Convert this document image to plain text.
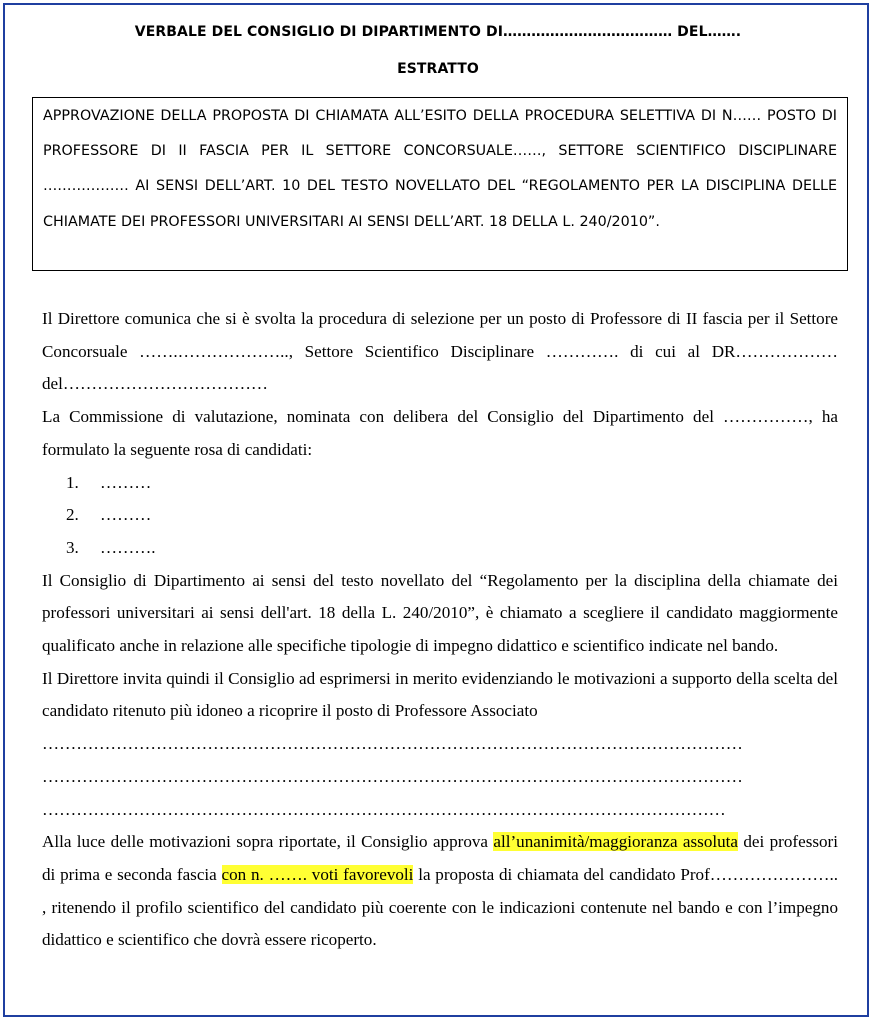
VERBALE DEL CONSIGLIO DI DIPARTIMENTO DI……………………………… DEL…….
ESTRATTO
APPROVAZIONE DELLA PROPOSTA DI CHIAMATA ALL’ESITO DELLA PROCEDURA SELETTIVA DI N…… POSTO DI PROFESSORE DI II FASCIA PER IL SETTORE CONCORSUALE……, SETTORE SCIENTIFICO DISCIPLINARE ……………… AI SENSI DELL’ART. 10 DEL TESTO NOVELLATO DEL “REGOLAMENTO PER LA DISCIPLINA DELLE CHIAMATE DEI PROFESSORI UNIVERSITARI AI SENSI DELL’ART. 18 DELLA L. 240/2010”.

Il Direttore comunica che si è svolta la procedura di selezione per un posto di Professore di II fascia per il Settore Concorsuale …….……………….., Settore Scientifico Disciplinare …………. di cui al DR………………del………………………………

La Commissione di valutazione, nominata con delibera del Consiglio del Dipartimento del ……………, ha formulato la seguente rosa di candidati:

1. ………
2. ………
3. ……….

Il Consiglio di Dipartimento ai sensi del testo novellato del “Regolamento per la disciplina della chiamate dei professori universitari ai sensi dell'art. 18 della L. 240/2010”, è chiamato a scegliere il candidato maggiormente qualificato anche in relazione alle specifiche tipologie di impegno didattico e scientifico indicate nel bando.

Il Direttore invita quindi il Consiglio ad esprimersi in merito evidenziando le motivazioni a supporto della scelta del candidato ritenuto più idoneo a ricoprire il posto di Professore Associato

……………………………………………………………………………………………………………
……………………………………………………………………………………………………………
…………………………………………………………………………………………………………

Alla luce delle motivazioni sopra riportate, il Consiglio approva all’unanimità/maggioranza assoluta dei professori di prima e seconda fascia con n. ……. voti favorevoli la proposta di chiamata del candidato Prof………………….. , ritenendo il profilo scientifico del candidato più coerente con le indicazioni contenute nel bando e con l’impegno didattico e scientifico che dovrà essere ricoperto.
